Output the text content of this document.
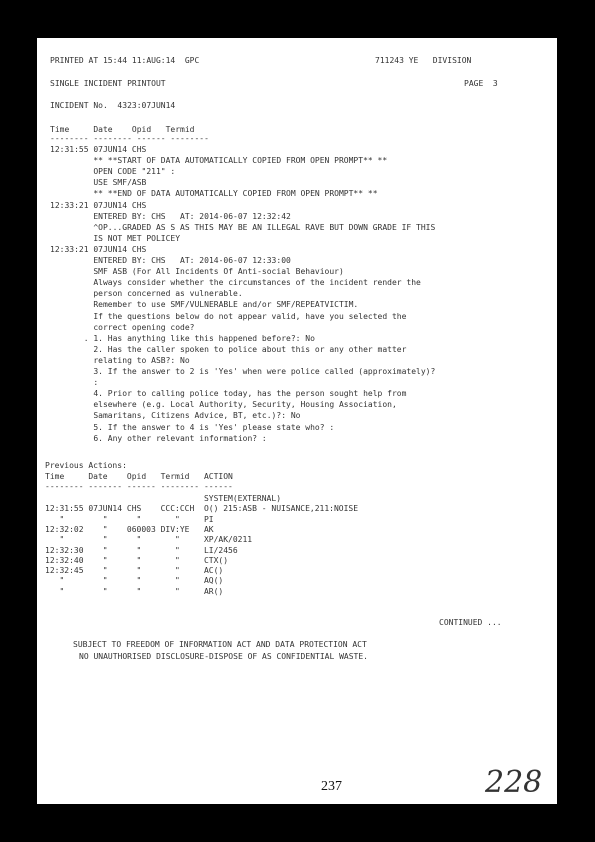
PRINTED AT 15:44 11:AUG:14  GPC	711243 YE   DIVISION
SINGLE INCIDENT PRINTOUT	PAGE  3
INCIDENT No.  4323:07JUN14
Time     Date    Opid   Termid
-------- -------- ------ --------
12:31:55 07JUN14 CHS
** **START OF DATA AUTOMATICALLY COPIED FROM OPEN PROMPT** **
OPEN CODE "211" :
USE SMF/ASB
** **END OF DATA AUTOMATICALLY COPIED FROM OPEN PROMPT** **
12:33:21 07JUN14 CHS
ENTERED BY: CHS   AT: 2014-06-07 12:32:42
^OP...GRADED AS S AS THIS MAY BE AN ILLEGAL RAVE BUT DOWN GRADE IF THIS
IS NOT MET POLICEY
12:33:21 07JUN14 CHS
ENTERED BY: CHS   AT: 2014-06-07 12:33:00
SMF ASB (For All Incidents Of Anti-social Behaviour)
Always consider whether the circumstances of the incident render the
person concerned as vulnerable.
Remember to use SMF/VULNERABLE and/or SMF/REPEATVICTIM.
If the questions below do not appear valid, have you selected the
correct opening code?
. 1. Has anything like this happened before?: No
2. Has the caller spoken to police about this or any other matter
relating to ASB?: No
3. If the answer to 2 is 'Yes' when were police called (approximately)?
:
4. Prior to calling police today, has the person sought help from
elsewhere (e.g. Local Authority, Security, Housing Association,
Samaritans, Citizens Advice, BT, etc.)?: No
5. If the answer to 4 is 'Yes' please state who? :
6. Any other relevant information? :
Previous Actions:
Time     Date    Opid   Termid   ACTION
-------- ------- ------ -------- ------
SYSTEM(EXTERNAL)
12:31:55 07JUN14 CHS    CCC:CCH  O() 215:ASB - NUISANCE,211:NOISE
"        "      "       "     PI
12:32:02    "    060003 DIV:YE   AK
"        "      "       "     XP/AK/0211
12:32:30    "      "       "     LI/2456
12:32:40    "      "       "     CTX()
12:32:45    "      "       "     AC()
"        "      "       "     AQ()
"        "      "       "     AR()
CONTINUED ...
SUBJECT TO FREEDOM OF INFORMATION ACT AND DATA PROTECTION ACT
NO UNAUTHORISED DISCLOSURE-DISPOSE OF AS CONFIDENTIAL WASTE.
237	228
